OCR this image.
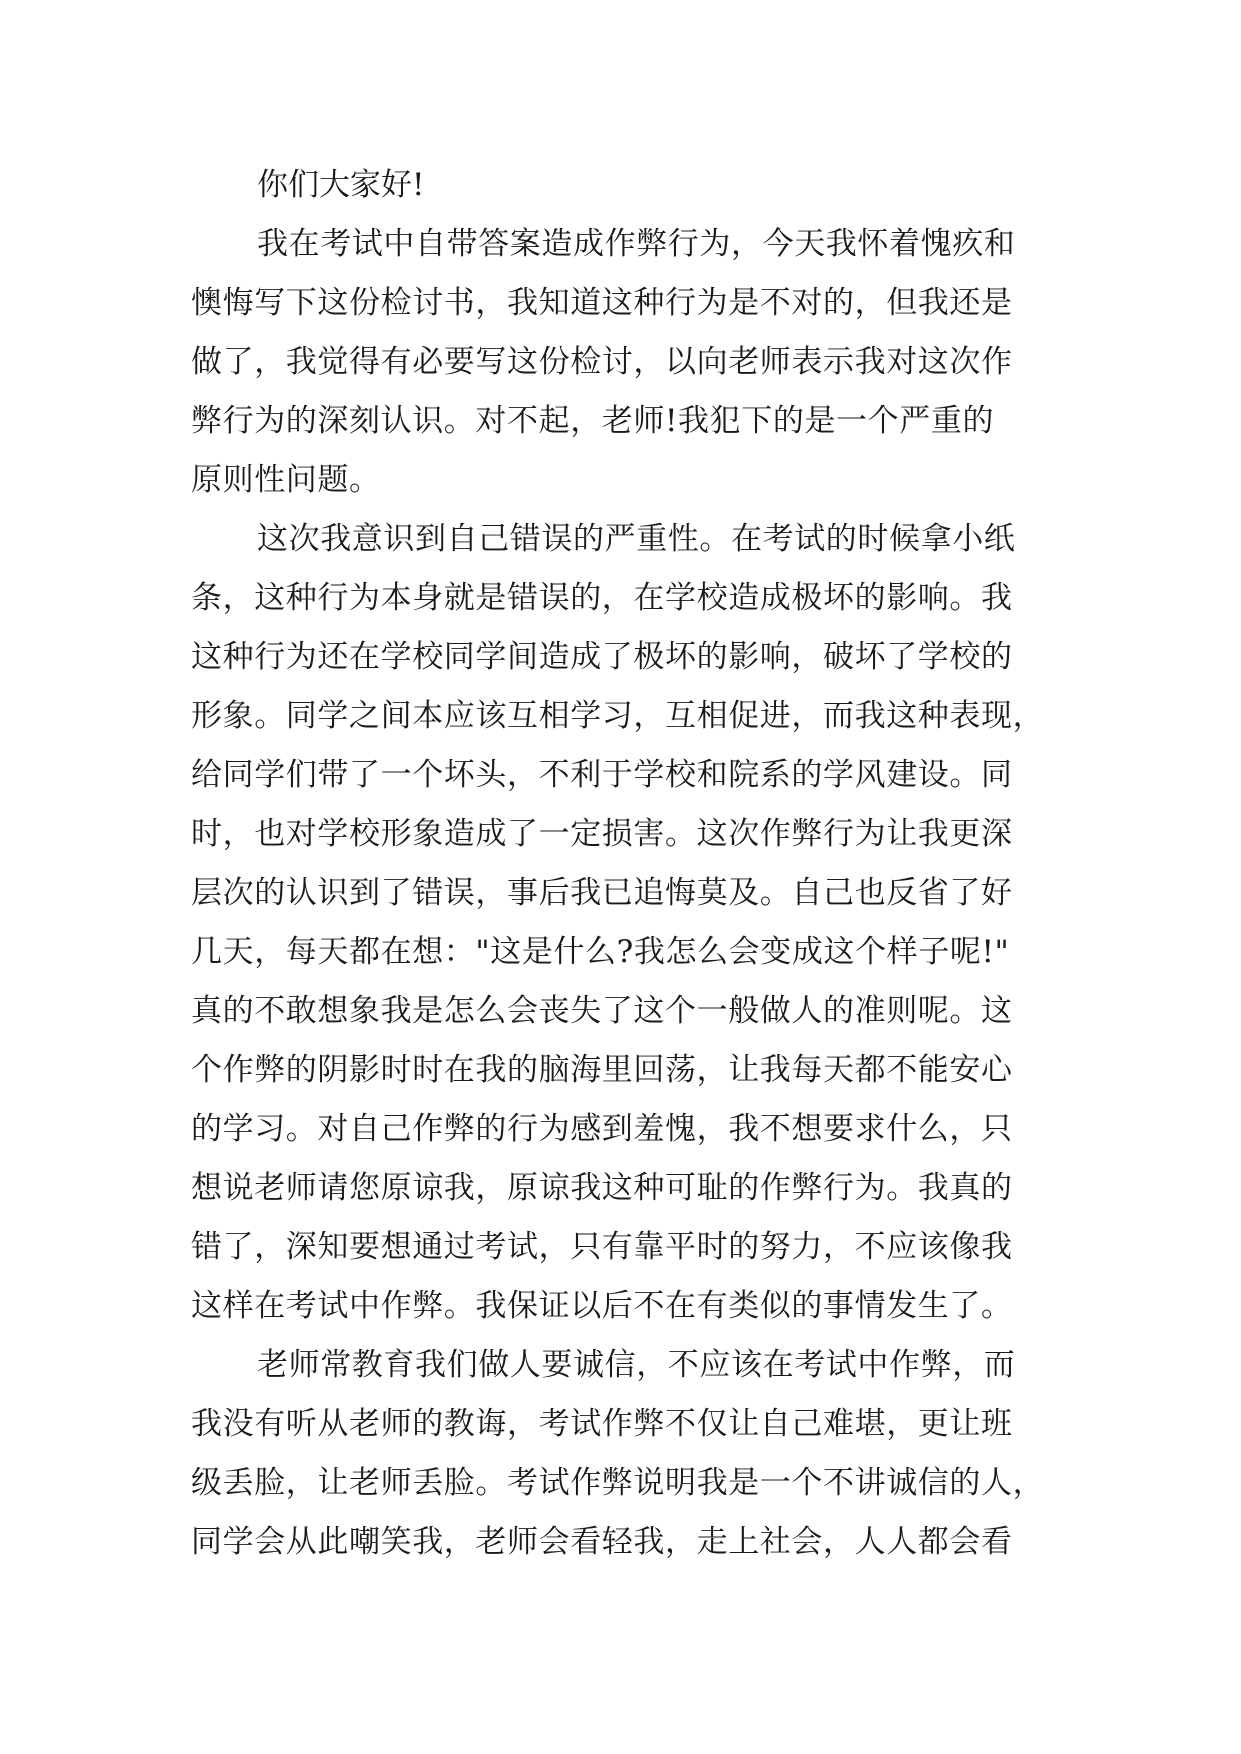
你们大家好!

我在考试中自带答案造成作弊行为，今天我怀着愧疚和
懊悔写下这份检讨书，我知道这种行为是不对的，但我还是
做了，我觉得有必要写这份检讨，以向老师表示我对这次作
弊行为的深刻认识。对不起，老师!我犯下的是一个严重的
原则性问题。
这次我意识到自己错误的严重性。在考试的时候拿小纸
条，这种行为本身就是错误的，在学校造成极坏的影响。我
这种行为还在学校同学间造成了极坏的影响，破坏了学校的
形象。同学之间本应该互相学习，互相促进，而我这种表现，
给同学们带了一个坏头，不利于学校和院系的学风建设。同
时，也对学校形象造成了一定损害。这次作弊行为让我更深
层次的认识到了错误，事后我已追悔莫及。自己也反省了好
几天，每天都在想："这是什么?我怎么会变成这个样子呢!"
真的不敢想象我是怎么会丧失了这个一般做人的准则呢。这
个作弊的阴影时时在我的脑海里回荡，让我每天都不能安心
的学习。对自己作弊的行为感到羞愧，我不想要求什么，只
想说老师请您原谅我，原谅我这种可耻的作弊行为。我真的
错了，深知要想通过考试，只有靠平时的努力，不应该像我
这样在考试中作弊。我保证以后不在有类似的事情发生了。
老师常教育我们做人要诚信，不应该在考试中作弊，而
我没有听从老师的教诲，考试作弊不仅让自己难堪，更让班
级丢脸，让老师丢脸。考试作弊说明我是一个不讲诚信的人，
同学会从此嘲笑我，老师会看轻我，走上社会，人人都会看
